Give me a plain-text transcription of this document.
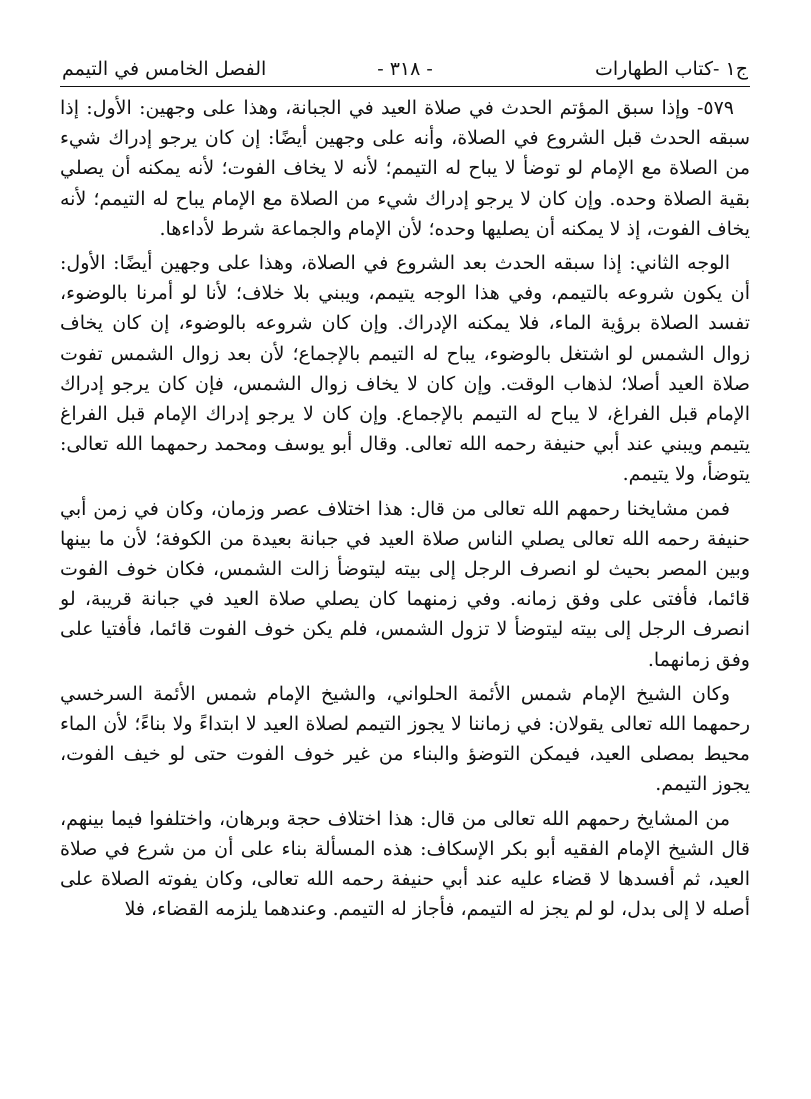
ج١ -كتاب الطهارات
- ٣١٨ -
الفصل الخامس في التيمم

٥٧٩- وإذا سبق المؤتم الحدث في صلاة العيد في الجبانة، وهذا على وجهين: الأول: إذا سبقه الحدث قبل الشروع في الصلاة، وأنه على وجهين أيضًا: إن كان يرجو إدراك شيء من الصلاة مع الإمام لو توضأ لا يباح له التيمم؛ لأنه لا يخاف الفوت؛ لأنه يمكنه أن يصلي بقية الصلاة وحده. وإن كان لا يرجو إدراك شيء من الصلاة مع الإمام يباح له التيمم؛ لأنه يخاف الفوت، إذ لا يمكنه أن يصليها وحده؛ لأن الإمام والجماعة شرط لأداءها.

الوجه الثاني: إذا سبقه الحدث بعد الشروع في الصلاة، وهذا على وجهين أيضًا: الأول: أن يكون شروعه بالتيمم، وفي هذا الوجه يتيمم، ويبني بلا خلاف؛ لأنا لو أمرنا بالوضوء، تفسد الصلاة برؤية الماء، فلا يمكنه الإدراك. وإن كان شروعه بالوضوء، إن كان يخاف زوال الشمس لو اشتغل بالوضوء، يباح له التيمم بالإجماع؛ لأن بعد زوال الشمس تفوت صلاة العيد أصلا؛ لذهاب الوقت. وإن كان لا يخاف زوال الشمس، فإن كان يرجو إدراك الإمام قبل الفراغ، لا يباح له التيمم بالإجماع. وإن كان لا يرجو إدراك الإمام قبل الفراغ يتيمم ويبني عند أبي حنيفة رحمه الله تعالى. وقال أبو يوسف ومحمد رحمهما الله تعالى: يتوضأ، ولا يتيمم.

فمن مشايخنا رحمهم الله تعالى من قال: هذا اختلاف عصر وزمان، وكان في زمن أبي حنيفة رحمه الله تعالى يصلي الناس صلاة العيد في جبانة بعيدة من الكوفة؛ لأن ما بينها وبين المصر بحيث لو انصرف الرجل إلى بيته ليتوضأ زالت الشمس، فكان خوف الفوت قائما، فأفتى على وفق زمانه. وفي زمنهما كان يصلي صلاة العيد في جبانة قريبة، لو انصرف الرجل إلى بيته ليتوضأ لا تزول الشمس، فلم يكن خوف الفوت قائما، فأفتيا على وفق زمانهما.

وكان الشيخ الإمام شمس الأئمة الحلواني، والشيخ الإمام شمس الأئمة السرخسي رحمهما الله تعالى يقولان: في زماننا لا يجوز التيمم لصلاة العيد لا ابتداءً ولا بناءً؛ لأن الماء محيط بمصلى العيد، فيمكن التوضؤ والبناء من غير خوف الفوت حتى لو خيف الفوت، يجوز التيمم.

من المشايخ رحمهم الله تعالى من قال: هذا اختلاف حجة وبرهان، واختلفوا فيما بينهم، قال الشيخ الإمام الفقيه أبو بكر الإسكاف: هذه المسألة بناء على أن من شرع في صلاة العيد، ثم أفسدها لا قضاء عليه عند أبي حنيفة رحمه الله تعالى، وكان يفوته الصلاة على أصله لا إلى بدل، لو لم يجز له التيمم، فأجاز له التيمم. وعندهما يلزمه القضاء، فلا
